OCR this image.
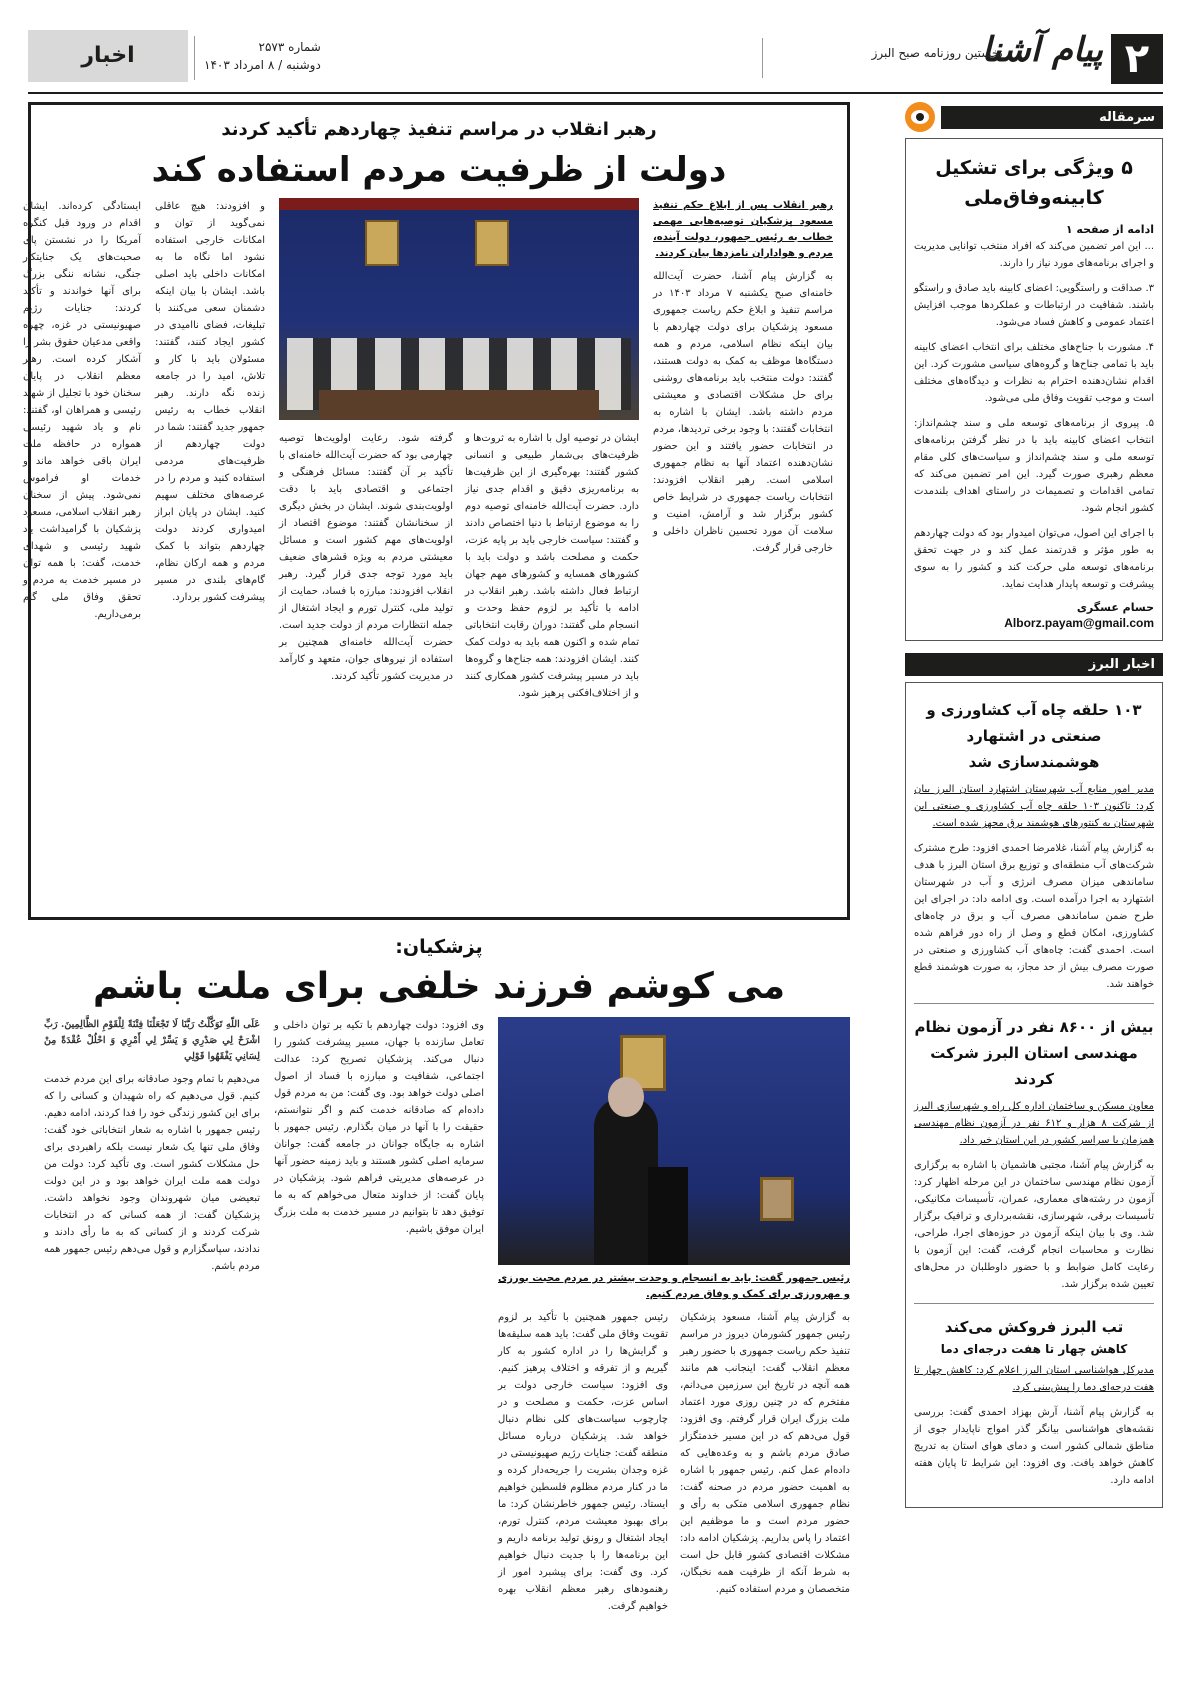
۲
پیام آشنا
نخستین روزنامه صبح البرز
شماره ۲۵۷۳
دوشنبه / ۸ امرداد ۱۴۰۳
اخبار
سرمقاله
۵ ویژگی برای تشکیل کابینه‌وفاق‌ملی
ادامه از صفحه ۱

... این امر تضمین می‌کند که افراد منتخب توانایی مدیریت و اجرای برنامه‌های مورد نیاز را دارند.

۳. صداقت و راستگویی: اعضای کابینه باید صادق و راستگو باشند. شفافیت در ارتباطات و عملکردها موجب افزایش اعتماد عمومی و کاهش فساد می‌شود.

۴. مشورت با جناح‌های مختلف برای انتخاب اعضای کابینه باید با تمامی جناح‌ها و گروه‌های سیاسی مشورت کرد. این اقدام نشان‌دهنده احترام به نظرات و دیدگاه‌های مختلف است و موجب تقویت وفاق ملی می‌شود.

۵. پیروی از برنامه‌های توسعه ملی و سند چشم‌انداز: انتخاب اعضای کابینه باید با در نظر گرفتن برنامه‌های توسعه ملی و سند چشم‌انداز و سیاست‌های کلی مقام معظم رهبری صورت گیرد. این امر تضمین می‌کند که تمامی اقدامات و تصمیمات در راستای اهداف بلندمدت کشور انجام شود.

با اجرای این اصول، می‌توان امیدوار بود که دولت چهاردهم به طور مؤثر و قدرتمند عمل کند و در جهت تحقق برنامه‌های توسعه ملی حرکت کند و کشور را به سوی پیشرفت و توسعه پایدار هدایت نماید.

حسام عسگری
Alborz.payam@gmail.com
اخبار البرز
۱۰۳ حلقه چاه آب کشاورزی و صنعتی در اشتهارد هوشمندسازی شد

مدیر امور منابع آب شهرستان اشتهارد استان البرز بیان کرد: تاکنون ۱۰۳ حلقه چاه آب کشاورزی و صنعتی این شهرستان به کنتورهای هوشمند برق مجهز شده است.

به گزارش پیام آشنا، غلامرضا احمدی افزود: طرح مشترک شرکت‌های آب منطقه‌ای و توزیع برق استان البرز با هدف ساماندهی میزان مصرف انرژی و آب در شهرستان اشتهارد به اجرا درآمده است. وی ادامه داد: در اجرای این طرح ضمن ساماندهی مصرف آب و برق در چاه‌های کشاورزی، امکان قطع و وصل از راه دور فراهم شده است. احمدی گفت: چاه‌های آب کشاورزی و صنعتی در صورت مصرف بیش از حد مجاز، به صورت هوشمند قطع خواهند شد.

بیش از ۸۶۰۰ نفر در آزمون نظام مهندسی استان البرز شرکت کردند

معاون مسکن و ساختمان اداره کل راه و شهرسازی البرز از شرکت ۸ هزار و ۶۱۲ نفر در آزمون نظام مهندسی همزمان با سراسر کشور در این استان خبر داد.

به گزارش پیام آشنا، مجتبی هاشمیان با اشاره به برگزاری آزمون نظام مهندسی ساختمان در این مرحله اظهار کرد: آزمون در رشته‌های معماری، عمران، تأسیسات مکانیکی، تأسیسات برقی، شهرسازی، نقشه‌برداری و ترافیک برگزار شد. وی با بیان اینکه آزمون در حوزه‌های اجرا، طراحی، نظارت و محاسبات انجام گرفت، گفت: این آزمون با رعایت کامل ضوابط و با حضور داوطلبان در محل‌های تعیین شده برگزار شد.

تب البرز فروکش می‌کند
کاهش چهار تا هفت درجه‌ای دما

مدیرکل هواشناسی استان البرز اعلام کرد: کاهش چهار تا هفت درجه‌ای دما را پیش‌بینی کرد.

به گزارش پیام آشنا، آرش بهزاد احمدی گفت: بررسی نقشه‌های هواشناسی بیانگر گذر امواج ناپایدار جوی از مناطق شمالی کشور است و دمای هوای استان به تدریج کاهش خواهد یافت. وی افزود: این شرایط تا پایان هفته ادامه دارد.

رهبر انقلاب در مراسم تنفیذ چهاردهم تأکید کردند
دولت از ظرفیت مردم استفاده کند

رهبر انقلاب پس از ابلاغ حکم تنفیذ مسعود پزشکیان توصیه‌هایی مهمی خطاب به رئیس جمهور، دولت آینده، مردم و هواداران نامزدها بیان کردند.

به گزارش پیام آشنا، حضرت آیت‌الله خامنه‌ای صبح یکشنبه ۷ مرداد ۱۴۰۳ در مراسم تنفیذ و ابلاغ حکم ریاست جمهوری مسعود پزشکیان برای دولت چهاردهم با بیان اینکه نظام اسلامی، مردم و همه دستگاه‌ها موظف به کمک به دولت هستند، گفتند: دولت منتخب باید برنامه‌های روشنی برای حل مشکلات اقتصادی و معیشتی مردم داشته باشد. ایشان با اشاره به انتخابات گفتند: با وجود برخی تردیدها، مردم در انتخابات حضور یافتند و این حضور نشان‌دهنده اعتماد آنها به نظام جمهوری اسلامی است. رهبر انقلاب افزودند: انتخابات ریاست جمهوری در شرایط خاص کشور برگزار شد و آرامش، امنیت و سلامت آن مورد تحسین ناظران داخلی و خارجی قرار گرفت.

ایشان در توصیه اول با اشاره به ثروت‌ها و ظرفیت‌های بی‌شمار طبیعی و انسانی کشور گفتند: بهره‌گیری از این ظرفیت‌ها به برنامه‌ریزی دقیق و اقدام جدی نیاز دارد. حضرت آیت‌الله خامنه‌ای توصیه دوم را به موضوع ارتباط با دنیا اختصاص دادند و گفتند: سیاست خارجی باید بر پایه عزت، حکمت و مصلحت باشد و دولت باید با کشورهای همسایه و کشورهای مهم جهان ارتباط فعال داشته باشد. رهبر انقلاب در ادامه با تأکید بر لزوم حفظ وحدت و انسجام ملی گفتند: دوران رقابت انتخاباتی تمام شده و اکنون همه باید به دولت کمک کنند. ایشان افزودند: همه جناح‌ها و گروه‌ها باید در مسیر پیشرفت کشور همکاری کنند و از اختلاف‌افکنی پرهیز شود.

گرفته شود. رعایت اولویت‌ها توصیه چهارمی بود که حضرت آیت‌الله خامنه‌ای با تأکید بر آن گفتند: مسائل فرهنگی و اجتماعی و اقتصادی باید با دقت اولویت‌بندی شوند. ایشان در بخش دیگری از سخنانشان گفتند: موضوع اقتصاد از اولویت‌های مهم کشور است و مسائل معیشتی مردم به ویژه قشرهای ضعیف باید مورد توجه جدی قرار گیرد. رهبر انقلاب افزودند: مبارزه با فساد، حمایت از تولید ملی، کنترل تورم و ایجاد اشتغال از جمله انتظارات مردم از دولت جدید است. حضرت آیت‌الله خامنه‌ای همچنین بر استفاده از نیروهای جوان، متعهد و کارآمد در مدیریت کشور تأکید کردند.

و افزودند: هیچ عاقلی نمی‌گوید از توان و امکانات خارجی استفاده نشود اما نگاه ما به امکانات داخلی باید اصلی باشد. ایشان با بیان اینکه دشمنان سعی می‌کنند با تبلیغات، فضای ناامیدی در کشور ایجاد کنند، گفتند: مسئولان باید با کار و تلاش، امید را در جامعه زنده نگه دارند. رهبر انقلاب خطاب به رئیس جمهور جدید گفتند: شما در دولت چهاردهم از ظرفیت‌های مردمی استفاده کنید و مردم را در عرصه‌های مختلف سهیم کنید. ایشان در پایان ابراز امیدواری کردند دولت چهاردهم بتواند با کمک مردم و همه ارکان نظام، گام‌های بلندی در مسیر پیشرفت کشور بردارد.

ایستادگی کرده‌اند. ایشان اقدام در ورود قبل کنگره آمریکا را در نشستن پای صحبت‌های یک جنایتکار جنگی، نشانه ننگی بزرگ برای آنها خواندند و تأکید کردند: جنایات رژیم صهیونیستی در غزه، چهره واقعی مدعیان حقوق بشر را آشکار کرده است. رهبر معظم انقلاب در پایان سخنان خود با تجلیل از شهید رئیسی و همراهان او، گفتند: نام و یاد شهید رئیسی همواره در حافظه ملت ایران باقی خواهد ماند و خدمات او فراموش نمی‌شود. پیش از سخنان رهبر انقلاب اسلامی، مسعود پزشکیان با گرامیداشت یاد شهید رئیسی و شهدای خدمت، گفت: با همه توان در مسیر خدمت به مردم و تحقق وفاق ملی گام برمی‌داریم.

پزشکیان:
می کوشم فرزند خلفی برای ملت باشم

رئیس جمهور گفت: باید به انسجام و وحدت بیشتر در مردم محبت بورزی و مهرورزی برای کمک و وفاق مردم کنیم.

به گزارش پیام آشنا، مسعود پزشکیان رئیس جمهور کشورمان دیروز در مراسم تنفیذ حکم ریاست جمهوری با حضور رهبر معظم انقلاب گفت: اینجانب هم مانند همه آنچه در تاریخ این سرزمین می‌دانم، مفتخرم که در چنین روزی مورد اعتماد ملت بزرگ ایران قرار گرفتم. وی افزود: قول می‌دهم که در این مسیر خدمتگزار صادق مردم باشم و به وعده‌هایی که داده‌ام عمل کنم. رئیس جمهور با اشاره به اهمیت حضور مردم در صحنه گفت: نظام جمهوری اسلامی متکی به رأی و حضور مردم است و ما موظفیم این اعتماد را پاس بداریم. پزشکیان ادامه داد: مشکلات اقتصادی کشور قابل حل است به شرط آنکه از ظرفیت همه نخبگان، متخصصان و مردم استفاده کنیم.

رئیس جمهور همچنین با تأکید بر لزوم تقویت وفاق ملی گفت: باید همه سلیقه‌ها و گرایش‌ها را در اداره کشور به کار گیریم و از تفرقه و اختلاف پرهیز کنیم. وی افزود: سیاست خارجی دولت بر اساس عزت، حکمت و مصلحت و در چارچوب سیاست‌های کلی نظام دنبال خواهد شد. پزشکیان درباره مسائل منطقه گفت: جنایات رژیم صهیونیستی در غزه وجدان بشریت را جریحه‌دار کرده و ما در کنار مردم مظلوم فلسطین خواهیم ایستاد. رئیس جمهور خاطرنشان کرد: ما برای بهبود معیشت مردم، کنترل تورم، ایجاد اشتغال و رونق تولید برنامه داریم و این برنامه‌ها را با جدیت دنبال خواهیم کرد. وی گفت: برای پیشبرد امور از رهنمودهای رهبر معظم انقلاب بهره خواهیم گرفت.

وی افزود: دولت چهاردهم با تکیه بر توان داخلی و تعامل سازنده با جهان، مسیر پیشرفت کشور را دنبال می‌کند. پزشکیان تصریح کرد: عدالت اجتماعی، شفافیت و مبارزه با فساد از اصول اصلی دولت خواهد بود. وی گفت: من به مردم قول داده‌ام که صادقانه خدمت کنم و اگر نتوانستم، حقیقت را با آنها در میان بگذارم. رئیس جمهور با اشاره به جایگاه جوانان در جامعه گفت: جوانان سرمایه اصلی کشور هستند و باید زمینه حضور آنها در عرصه‌های مدیریتی فراهم شود. پزشکیان در پایان گفت: از خداوند متعال می‌خواهم که به ما توفیق دهد تا بتوانیم در مسیر خدمت به ملت بزرگ ایران موفق باشیم.

عَلَى اللّهِ تَوَکَّلْتُ رَبَّنَا لَا تَجْعَلْنَا فِتْنَةً لِلْقَوْمِ الظَّالِمِينَ. رَبِّ اشْرَحْ لِي صَدْرِي وَ يَسِّرْ لِي أَمْرِي وَ احْلُلْ عُقْدَةً مِنْ لِسَانِي يَفْقَهُوا قَوْلِي

می‌دهیم با تمام وجود صادقانه برای این مردم خدمت کنیم. قول می‌دهیم که راه شهیدان و کسانی را که برای این کشور زندگی خود را فدا کردند، ادامه دهیم. رئیس جمهور با اشاره به شعار انتخاباتی خود گفت: وفاق ملی تنها یک شعار نیست بلکه راهبردی برای حل مشکلات کشور است. وی تأکید کرد: دولت من دولت همه ملت ایران خواهد بود و در این دولت تبعیضی میان شهروندان وجود نخواهد داشت. پزشکیان گفت: از همه کسانی که در انتخابات شرکت کردند و از کسانی که به ما رأی دادند و ندادند، سپاسگزارم و قول می‌دهم رئیس جمهور همه مردم باشم.
